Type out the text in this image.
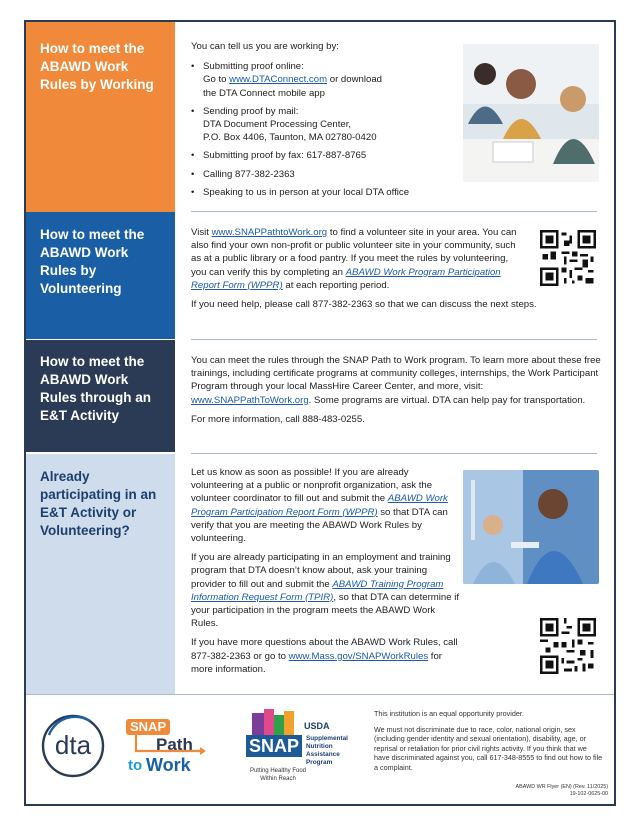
How to meet the ABAWD Work Rules by Working

You can tell us you are working by:

• Submitting proof online:
Go to www.DTAConnect.com or download
the DTA Connect mobile app
• Sending proof by mail:
DTA Document Processing Center,
P.O. Box 4406, Taunton, MA 02780-0420
• Submitting proof by fax: 617-887-8765
• Calling 877-382-2363
• Speaking to us in person at your local DTA office
How to meet the ABAWD Work Rules by Volunteering

Visit www.SNAPPathtoWork.org to find a volunteer site in your area. You can also find your own non-profit or public volunteer site in your community, such as at a public library or a food pantry. If you meet the rules by volunteering, you can verify this by completing an ABAWD Work Program Participation Report Form (WPPR) at each reporting period.

If you need help, please call 877-382-2363 so that we can discuss the next steps.

How to meet the ABAWD Work Rules through an E&T Activity

You can meet the rules through the SNAP Path to Work program. To learn more about these free trainings, including certificate programs at community colleges, internships, the Work Participant Program through your local MassHire Career Center, and more, visit: www.SNAPPathToWork.org. Some programs are virtual. DTA can help pay for transportation.

For more information, call 888-483-0255.

Already participating in an E&T Activity or Volunteering?

Let us know as soon as possible! If you are already volunteering at a public or nonprofit organization, ask the volunteer coordinator to fill out and submit the ABAWD Work Program Participation Report Form (WPPR) so that DTA can verify that you are meeting the ABAWD Work Rules by volunteering.

If you are already participating in an employment and training program that DTA doesn’t know about, ask your training provider to fill out and submit the ABAWD Training Program Information Request Form (TPIR), so that DTA can determine if your participation in the program meets the ABAWD Work Rules.

If you have more questions about the ABAWD Work Rules, call 877-382-2363 or go to www.Mass.gov/SNAPWorkRules for more information.

dta
SNAP
Path
to Work
USDA
SNAP	Supplemental
Nutrition
Assistance
Program
Putting Healthy Food
Within Reach

This institution is an equal opportunity provider.

We must not discriminate due to race, color, national origin, sex (including gender identity and sexual orientation), disability, age, or reprisal or retaliation for prior civil rights activity. If you think that we have discriminated against you, call 617-348-8555 to find out how to file a complaint.

ABAWD WR Flyer (EN) (Rev. 11/2025)
19-102-0625-00
